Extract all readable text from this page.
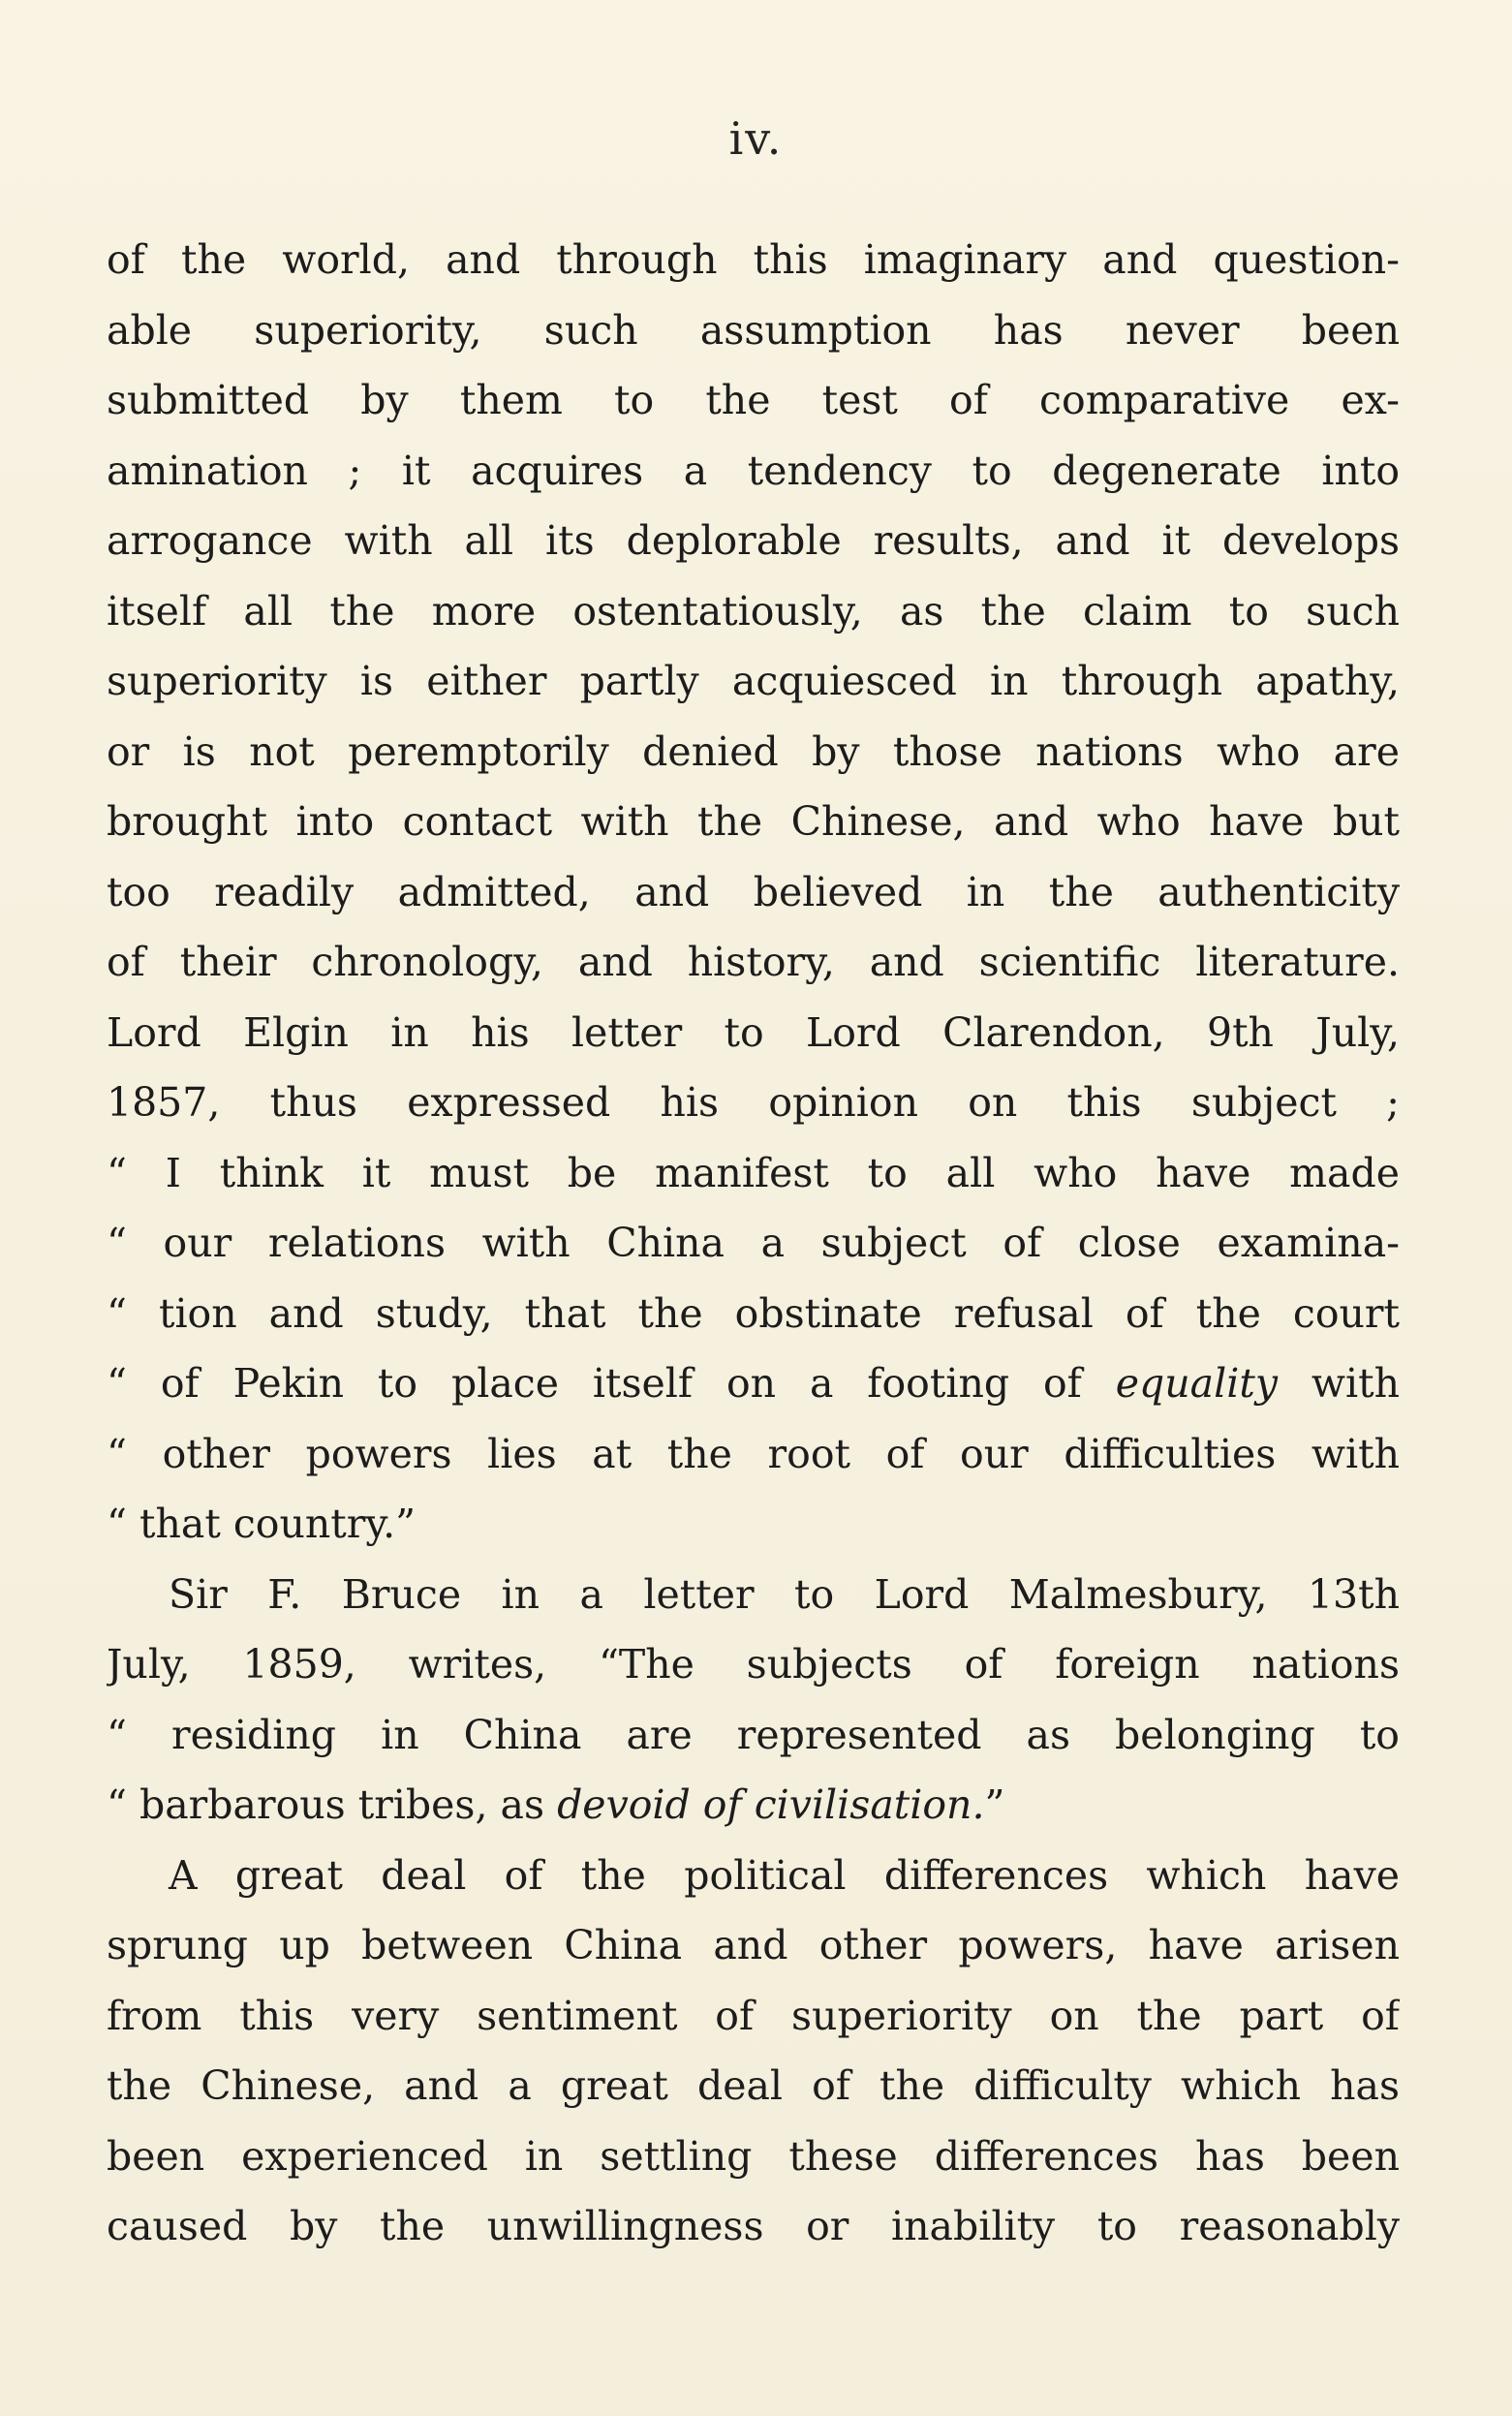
iv.
of the world, and through this imaginary and question-
able superiority, such assumption has never been
submitted by them to the test of comparative ex-
amination ; it acquires a tendency to degenerate into
arrogance with all its deplorable results, and it develops
itself all the more ostentatiously, as the claim to such
superiority is either partly acquiesced in through apathy,
or is not peremptorily denied by those nations who are
brought into contact with the Chinese, and who have but
too readily admitted, and believed in the authenticity
of their chronology, and history, and scientific literature.
Lord Elgin in his letter to Lord Clarendon, 9th July,
1857, thus expressed his opinion on this subject ;
“ I think it must be manifest to all who have made
“ our relations with China a subject of close examina-
“ tion and study, that the obstinate refusal of the court
“ of Pekin to place itself on a footing of equality with
“ other powers lies at the root of our difficulties with
“ that country.”
Sir F. Bruce in a letter to Lord Malmesbury, 13th
July, 1859, writes, “The subjects of foreign nations
“ residing in China are represented as belonging to
“ barbarous tribes, as devoid of civilisation.”
A great deal of the political differences which have
sprung up between China and other powers, have arisen
from this very sentiment of superiority on the part of
the Chinese, and a great deal of the difficulty which has
been experienced in settling these differences has been
caused by the unwillingness or inability to reasonably
